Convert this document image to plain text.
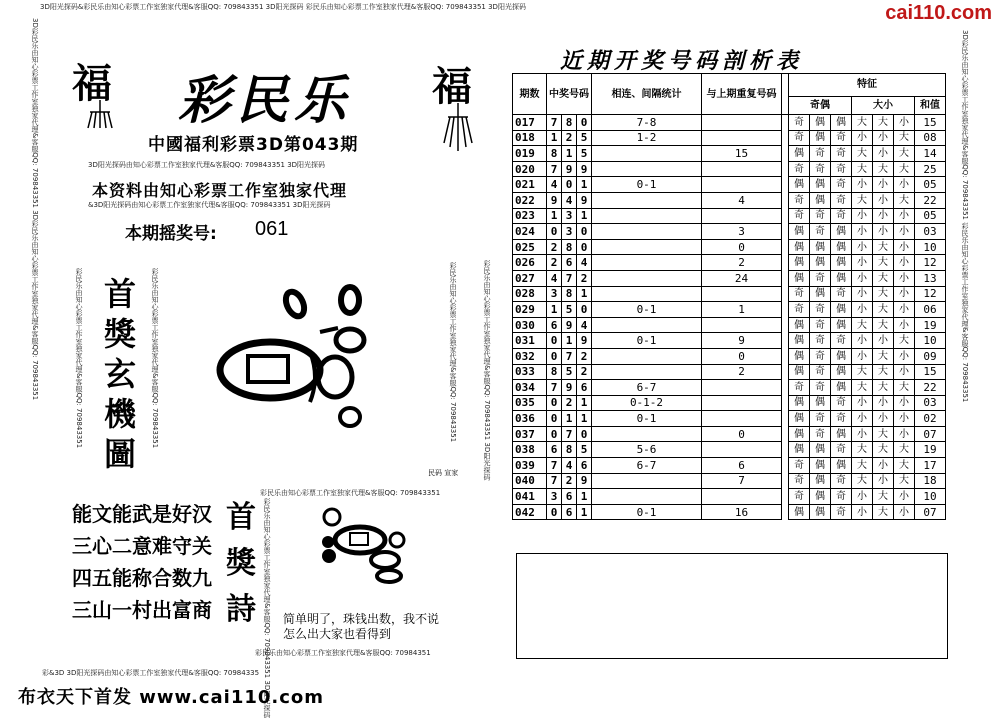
cai110.com
3D阳光探码&彩民乐由知心彩票工作室独家代理&客服QQ: 709843351 3D阳光探码 彩民乐由知心彩票工作室独家代理&客服QQ: 709843351 3D阳光探码
3D彩民乐由知心彩票工作室独家代理&客服QQ: 709843351 3D彩民乐由知心彩票工作室独家代理&客服QQ: 709843351	3D彩民乐由知心彩票工作室独家代理&客服QQ: 709843351 彩民乐由知心彩票工作室独家代理&客服QQ: 709843351
彩民乐由知心彩票工作室独家代理&客服QQ: 709843351 3D阳光探码
彩&3D 3D阳光探码由知心彩票工作室独家代理&客服QQ: 70984335
彩民乐由知心彩票工作室独家代理&客服QQ: 70984351
福	福
彩民乐
中國福利彩票3D第043期
3D阳光探码由知心彩票工作室独家代理&客服QQ: 709843351 3D阳光探码
本资料由知心彩票工作室独家代理
&3D阳光探码由知心彩票工作室独家代理&客服QQ: 709843351 3D阳光探码
本期摇奖号: 061
彩民乐由知心彩票工作室独家代理&客服QQ: 709843351	彩民乐由知心彩票工作室独家代理&客服QQ: 709843351
首
獎
玄
機
圖
彩民乐由知心彩票工作室独家代理&客服QQ: 709843351
民码 宣家
能文能武是好汉
三心二意难守关
四五能称合数九
三山一村出富商
首
獎
詩	彩民乐由知心彩票工作室独家代理&客服QQ: 709843351 3D阳光探码
彩民乐由知心彩票工作室独家代理&客服QQ: 709843351
简单明了，珠钱出数，我不说
怎么出大家也看得到
布衣天下首发 www.cai110.com
近期开奖号码剖析表
期数	中奖号码			相连、间隔统计	与上期重复号码		特征						
							奇偶			大小			和值
017	7	8	0	7-8			奇	偶	偶	大	大	小	15
018	1	2	5	1-2			奇	偶	奇	小	小	大	08
019	8	1	5		15		偶	奇	奇	大	小	大	14
020	7	9	9				奇	奇	奇	大	大	大	25
021	4	0	1	0-1			偶	偶	奇	小	小	小	05
022	9	4	9		4		奇	偶	奇	大	小	大	22
023	1	3	1				奇	奇	奇	小	小	小	05
024	0	3	0		3		偶	奇	偶	小	小	小	03
025	2	8	0		0		偶	偶	偶	小	大	小	10
026	2	6	4		2		偶	偶	偶	小	大	小	12
027	4	7	2		24		偶	奇	偶	小	大	小	13
028	3	8	1				奇	偶	奇	小	大	小	12
029	1	5	0	0-1	1		奇	奇	偶	小	大	小	06
030	6	9	4				偶	奇	偶	大	大	小	19
031	0	1	9	0-1	9		偶	奇	奇	小	小	大	10
032	0	7	2		0		偶	奇	偶	小	大	小	09
033	8	5	2		2		偶	奇	偶	大	大	小	15
034	7	9	6	6-7			奇	奇	偶	大	大	大	22
035	0	2	1	0-1-2			偶	偶	奇	小	小	小	03
036	0	1	1	0-1			偶	奇	奇	小	小	小	02
037	0	7	0		0		偶	奇	偶	小	大	小	07
038	6	8	5	5-6			偶	偶	奇	大	大	大	19
039	7	4	6	6-7	6		奇	偶	偶	大	小	大	17
040	7	2	9		7		奇	偶	奇	大	小	大	18
041	3	6	1				奇	偶	奇	小	大	小	10
042	0	6	1	0-1	16		偶	偶	奇	小	大	小	07
